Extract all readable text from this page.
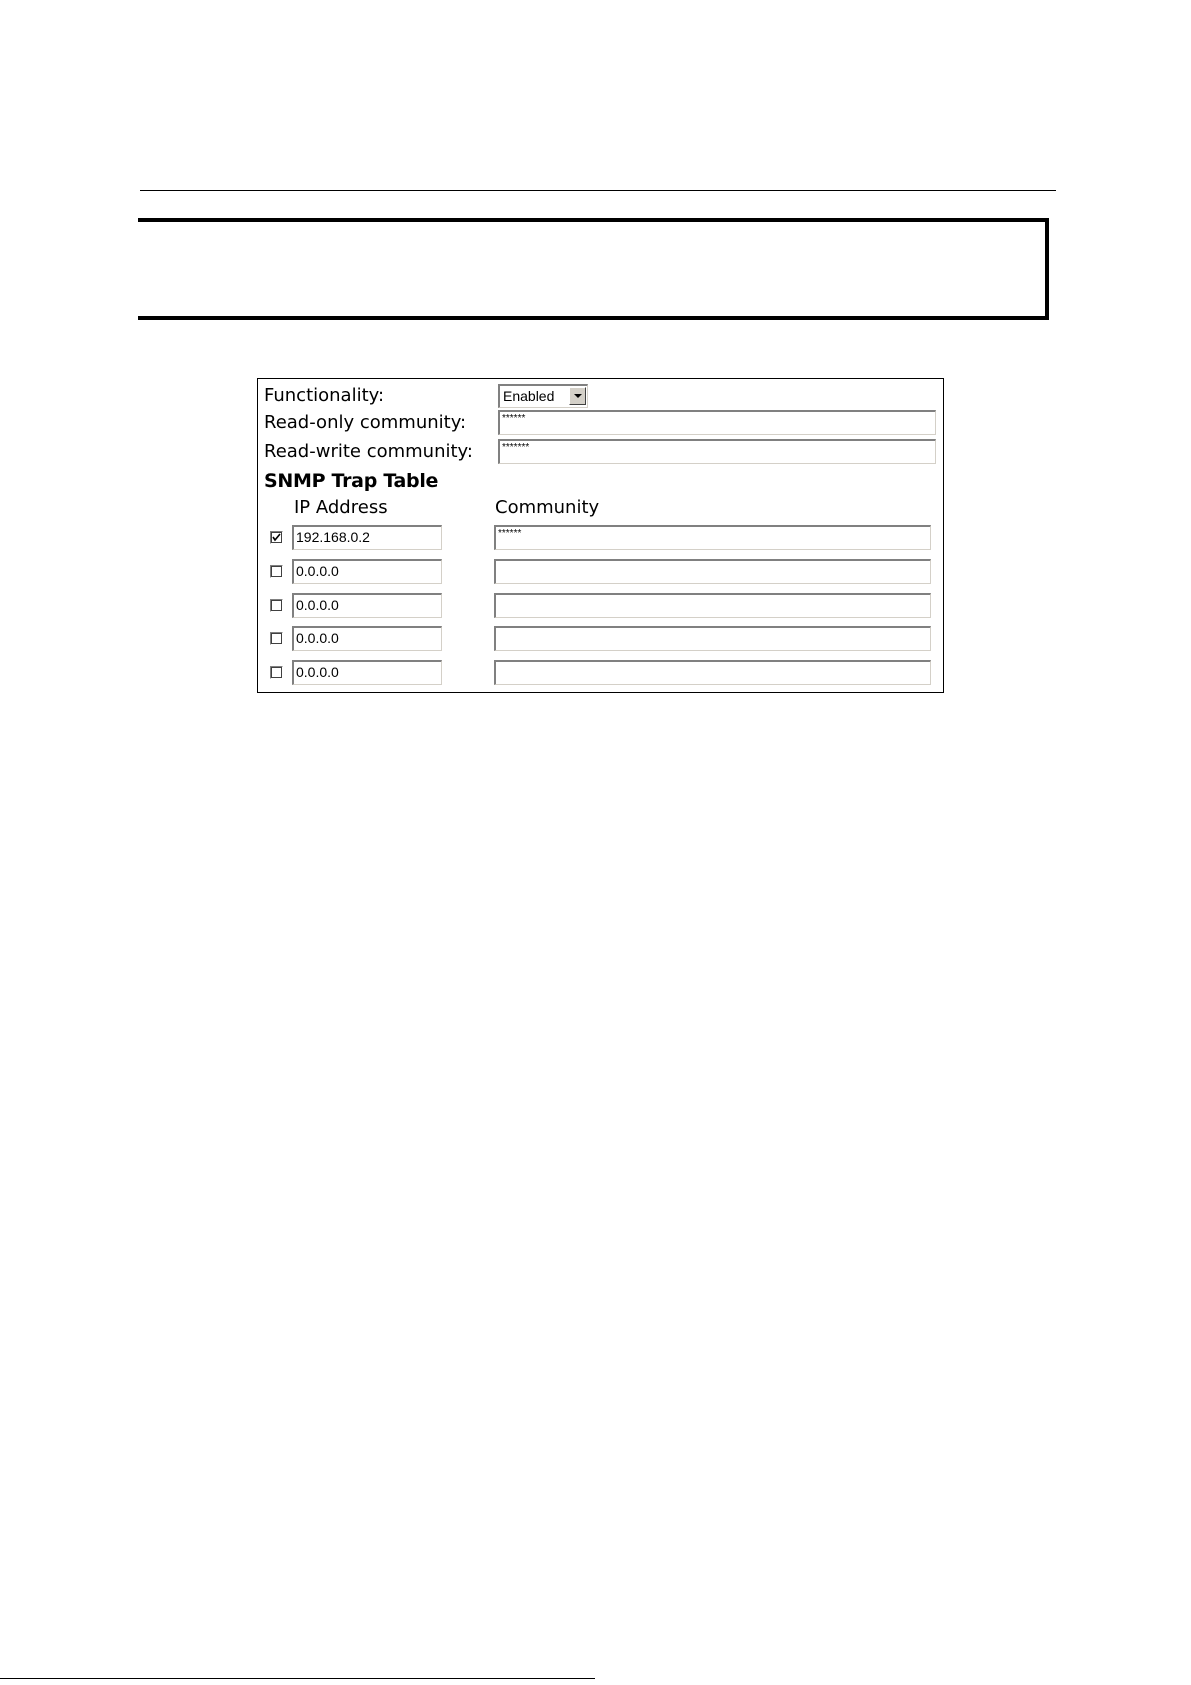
Functionality:	Enabled
Read-only community:	******
Read-write community:	*******
SNMP Trap Table
IP Address	Community
192.168.0.2	******
0.0.0.0
0.0.0.0
0.0.0.0
0.0.0.0
